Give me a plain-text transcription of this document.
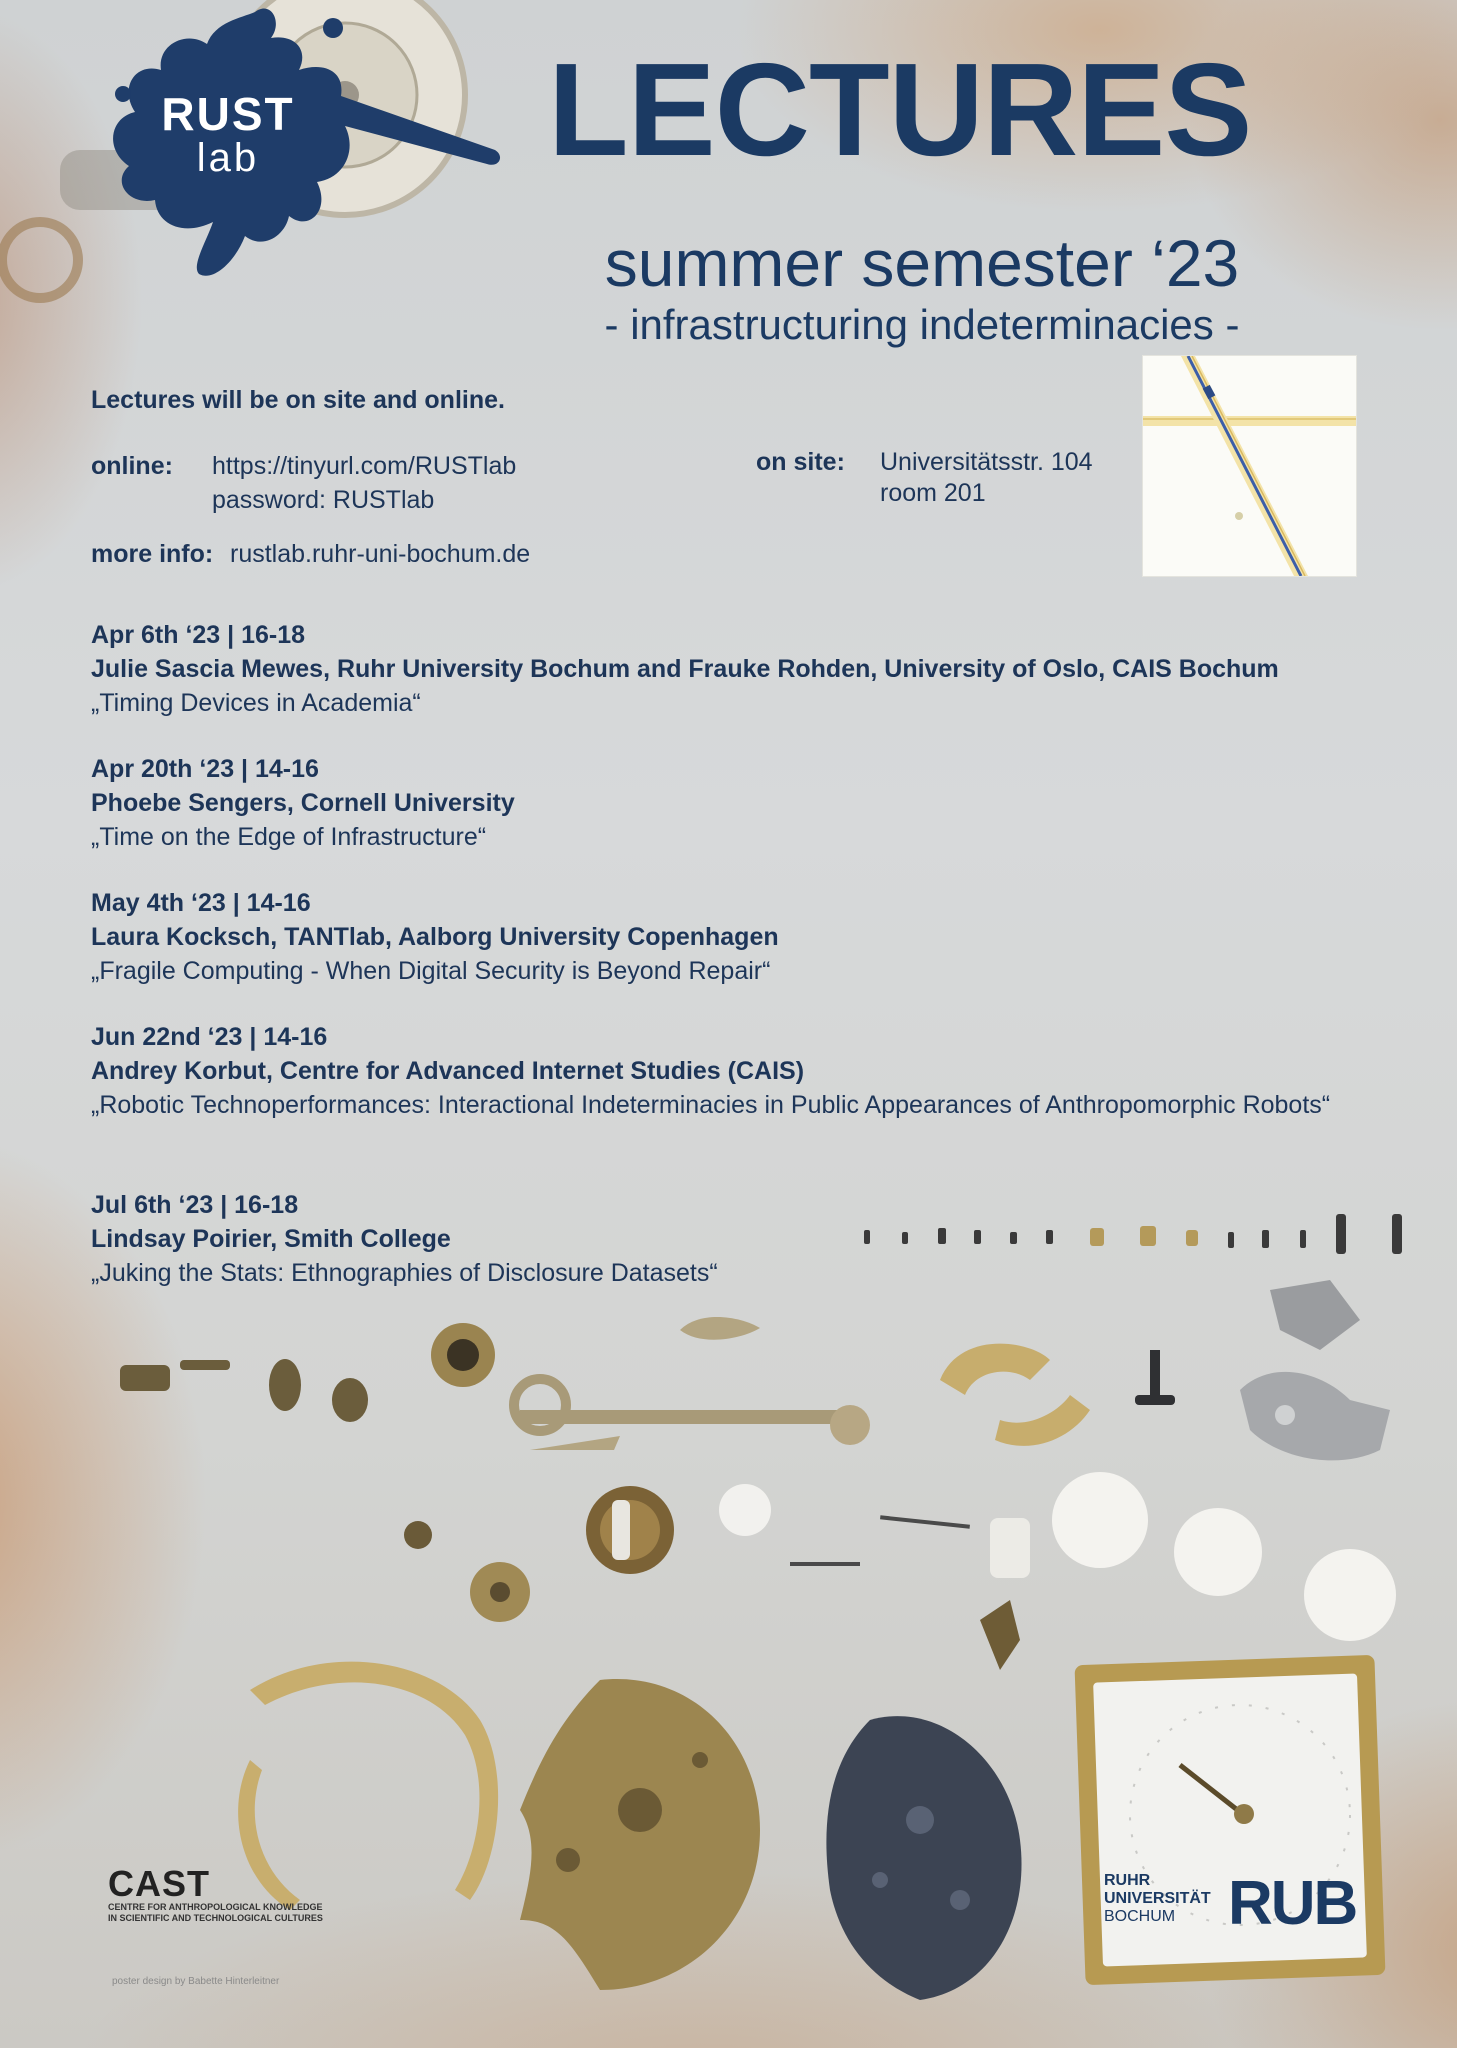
RUST
lab	LECTURES
summer semester ‘23
- infrastructuring indeterminacies -
Lectures will be on site and online.
online: https://tinyurl.com/RUSTlab
password: RUSTlab
on site: Universitätsstr. 104
room 201
more info: rustlab.ruhr-uni-bochum.de
Apr 6th ‘23 | 16-18
Julie Sascia Mewes, Ruhr University Bochum and Frauke Rohden, University of Oslo, CAIS Bochum
„Timing Devices in Academia“
Apr 20th ‘23 | 14-16
Phoebe Sengers, Cornell University
„Time on the Edge of Infrastructure“
May 4th ‘23 | 14-16
Laura Kocksch, TANTlab, Aalborg University Copenhagen
„Fragile Computing - When Digital Security is Beyond Repair“
Jun 22nd ‘23 | 14-16
Andrey Korbut, Centre for Advanced Internet Studies (CAIS)
„Robotic Technoperformances: Interactional Indeterminacies in Public Appearances of Anthropomorphic Robots“
Jul 6th ‘23 | 16-18
Lindsay Poirier, Smith College
„Juking the Stats: Ethnographies of Disclosure Datasets“
CAST
CENTRE FOR ANTHROPOLOGICAL KNOWLEDGE
IN SCIENTIFIC AND TECHNOLOGICAL CULTURES
RUHR
UNIVERSITÄT
BOCHUM RUB
poster design by Babette Hinterleitner
